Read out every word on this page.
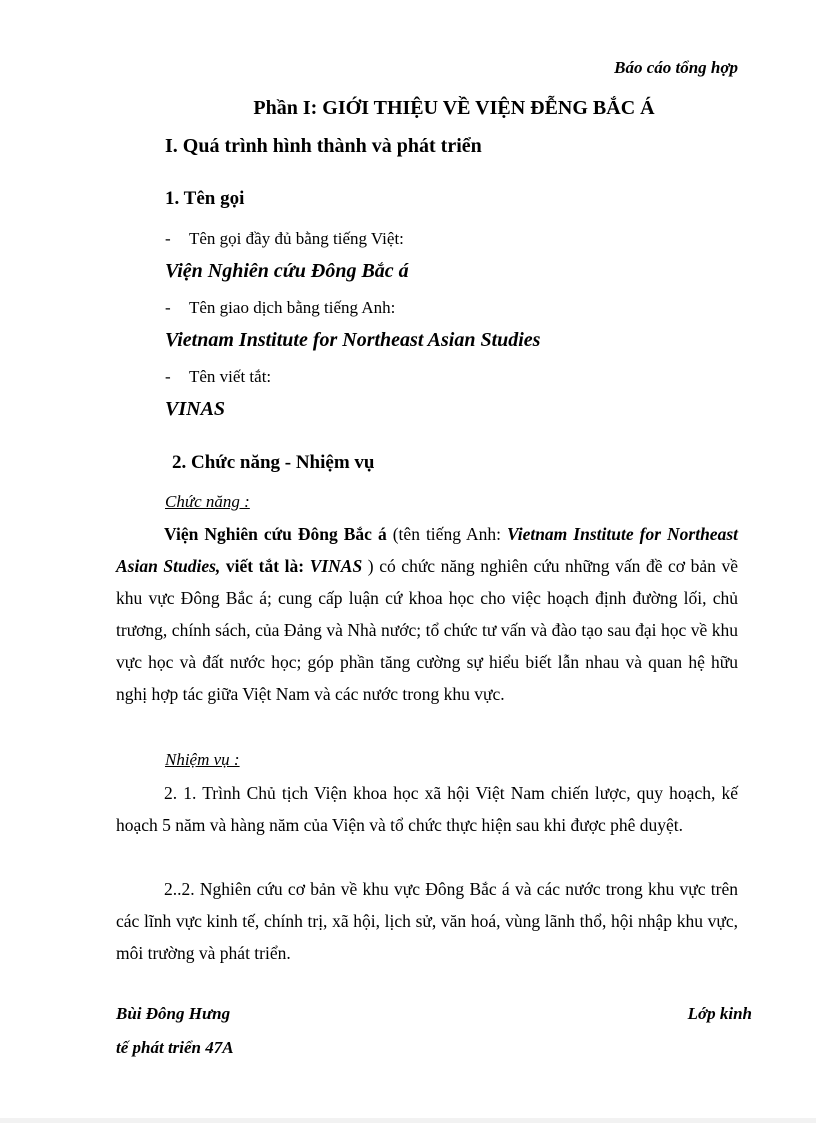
Báo cáo tổng hợp
Phần I: GIỚI THIỆU VỀ VIỆN ĐỄNG BẮC Á
I. Quá trình hình thành và phát triển
1. Tên gọi
- Tên gọi đầy đủ bằng tiếng Việt:
Viện Nghiên cứu Đông Bắc á
- Tên giao dịch bằng tiếng Anh:
Vietnam Institute for Northeast Asian Studies
- Tên viết tắt:
VINAS
2. Chức năng - Nhiệm vụ
Chức năng :
Viện Nghiên cứu Đông Bắc á (tên tiếng Anh: Vietnam Institute for Northeast Asian Studies, viết tắt là: VINAS ) có chức năng nghiên cứu những vấn đề cơ bản về khu vực Đông Bắc á; cung cấp luận cứ khoa học cho việc hoạch định đường lối, chủ trương, chính sách, của Đảng và Nhà nước; tổ chức tư vấn và đào tạo sau đại học về khu vực học và đất nước học; góp phần tăng cường sự hiểu biết lẫn nhau và quan hệ hữu nghị hợp tác giữa Việt Nam và các nước trong khu vực.
Nhiệm vụ :
2. 1. Trình Chủ tịch Viện khoa học xã hội Việt Nam chiến lược, quy hoạch, kế hoạch 5 năm và hàng năm của Viện và tổ chức thực hiện sau khi được phê duyệt.
2..2. Nghiên cứu cơ bản về khu vực Đông Bắc á và các nước trong khu vực trên các lĩnh vực kinh tế, chính trị, xã hội, lịch sử, văn hoá, vùng lãnh thổ, hội nhập khu vực, môi trường và phát triển.
Bùi Đông Hưng	Lớp kinh
tế phát triển 47A
